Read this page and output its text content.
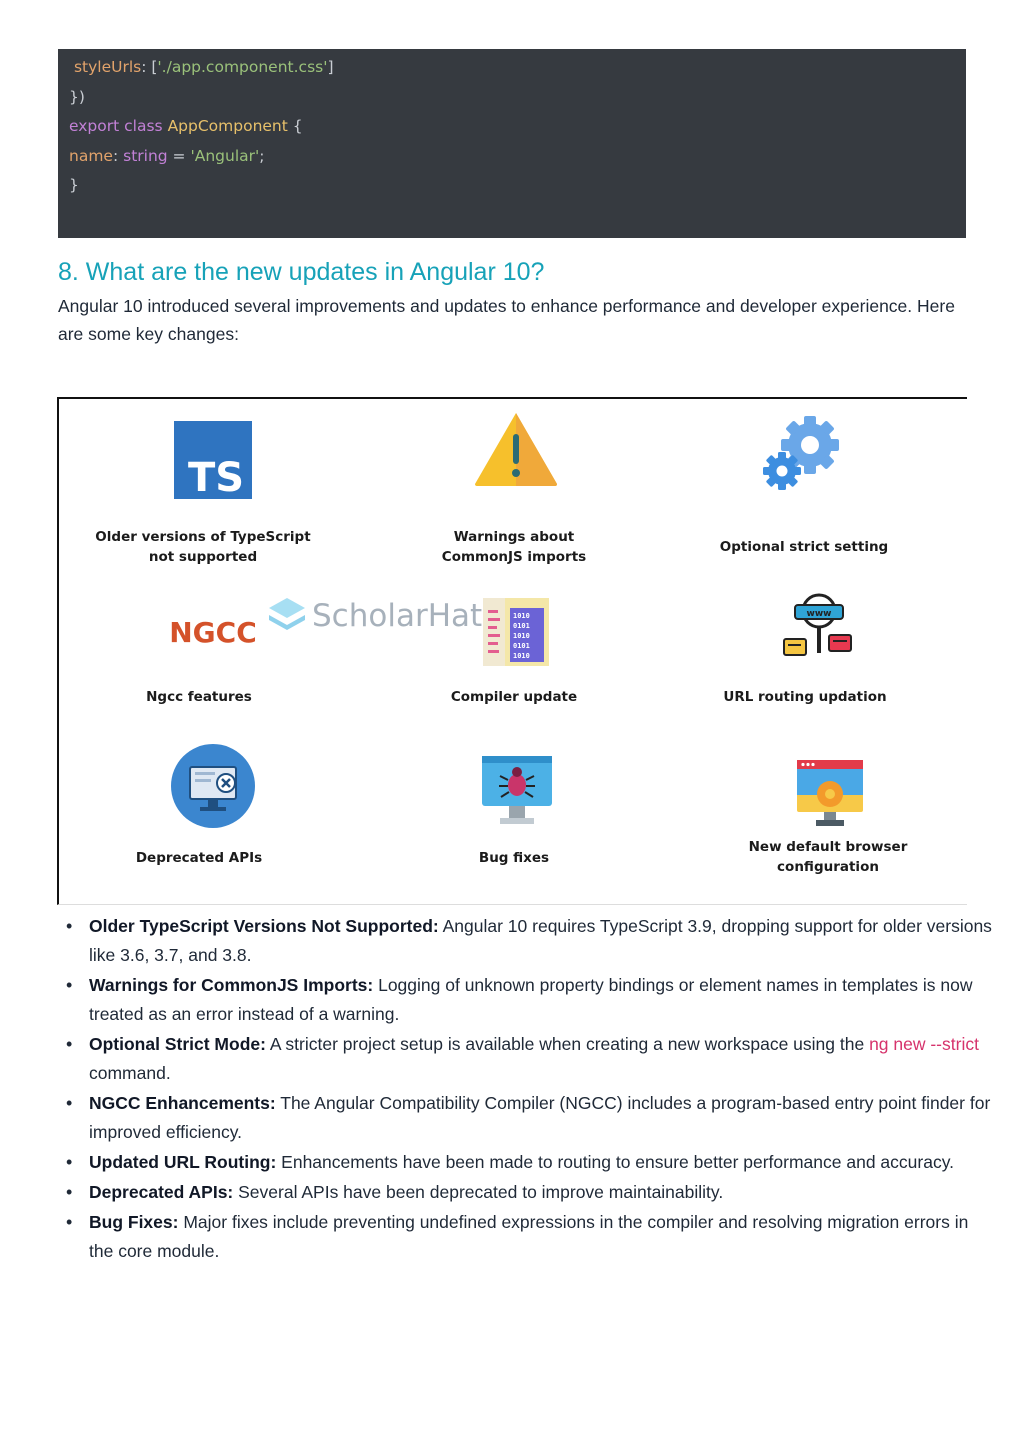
styleUrls: ['./app.component.css']
})
export class AppComponent {
name: string = 'Angular';
}
8. What are the new updates in Angular 10?

Angular 10 introduced several improvements and updates to enhance performance and developer experience. Here are some key changes:

TS
Older versions of TypeScript
not supported
Warnings about
CommonJS imports
Optional strict setting
NGCC ScholarHat
Ngcc features
1010
0101
1010
0101
1010
Compiler update
www
URL routing updation
Deprecated APIs	Bug fixes
New default browser
configuration
• Older TypeScript Versions Not Supported: Angular 10 requires TypeScript 3.9, dropping support for older versions like 3.6, 3.7, and 3.8.
• Warnings for CommonJS Imports: Logging of unknown property bindings or element names in templates is now treated as an error instead of a warning.
• Optional Strict Mode: A stricter project setup is available when creating a new workspace using the ng new --strict command.
• NGCC Enhancements: The Angular Compatibility Compiler (NGCC) includes a program-based entry point finder for improved efficiency.
• Updated URL Routing: Enhancements have been made to routing to ensure better performance and accuracy.
• Deprecated APIs: Several APIs have been deprecated to improve maintainability.
• Bug Fixes: Major fixes include preventing undefined expressions in the compiler and resolving migration errors in the core module.
